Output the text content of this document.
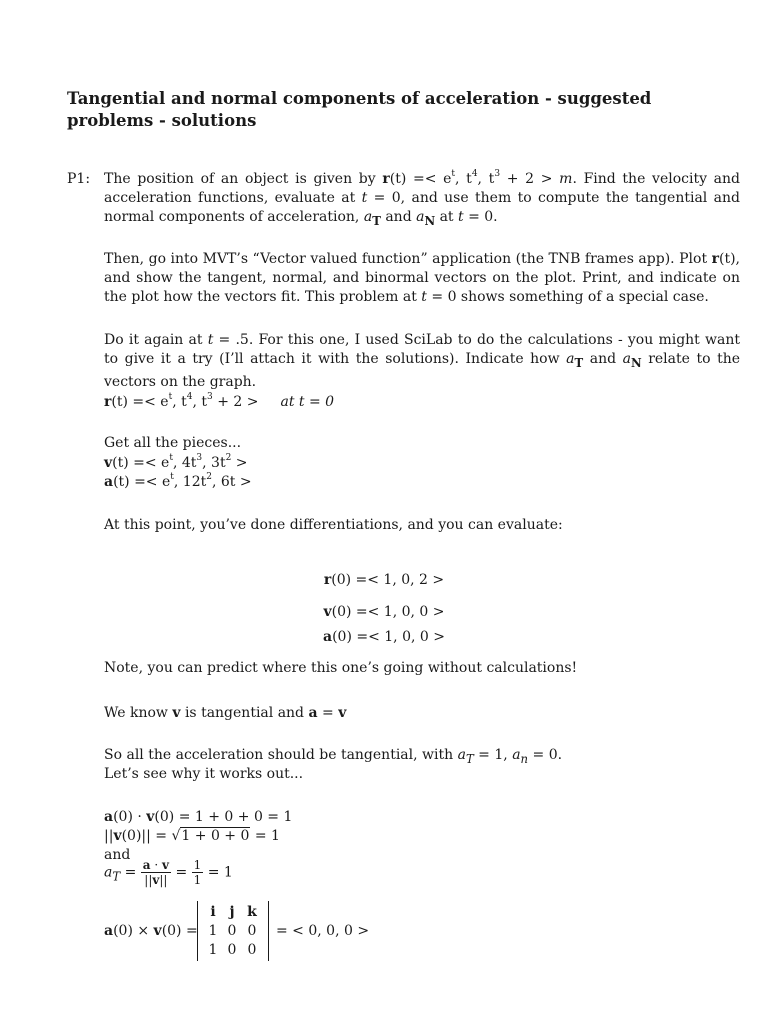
Tangential and normal components of acceleration - suggested problems - solutions
P1: The position of an object is given by $r(t) =< e^t$, $t^4$, $t^3 + 2 > m$. Find the velocity and acceleration functions, evaluate at t = 0, and use them to compute the tangential and normal components of acceleration, $a_T$ and $a_N$ at t = 0.

Then, go into MVT’s “Vector valued function” application (the TNB frames app). Plot r(t), and show the tangent, normal, and binormal vectors on the plot. Print, and indicate on the plot how the vectors fit. This problem at t = 0 shows something of a special case.

Do it again at t = .5. For this one, I used SciLab to do the calculations - you might want to give it a try (I’ll attach it with the solutions). Indicate how $a_T$ and $a_N$ relate to the vectors on the graph.

$r(t) =< e^t$, $t^4$, $t^3 + 2$ > at t = 0

Get all the pieces...

$v(t) =< e^t$, $4t^3$, $3t^2$ >

$a(t) =< e^t$, $12t^2$, 6t >

At this point, you’ve done differentiations, and you can evaluate:

r(0) =< 1, 0, 2 >

v(0) =< 1, 0, 0 >

a(0) =< 1, 0, 0 >

Note, you can predict where this one’s going without calculations!

We know v is tangential and a = v

So all the acceleration should be tangential, with $a_T = 1$, $a_n = 0$.

Let’s see why it works out...

a(0) · v(0) = 1 + 0 + 0 = 1

||v(0)|| = √1 + 0 + 0 = 1

and

$a_T = \frac{a \cdot v}{||v||} = \frac{1}{1} = 1$

a(0) × v(0) =
i j k
1 0 0
1 0 0
= < 0, 0, 0 >
